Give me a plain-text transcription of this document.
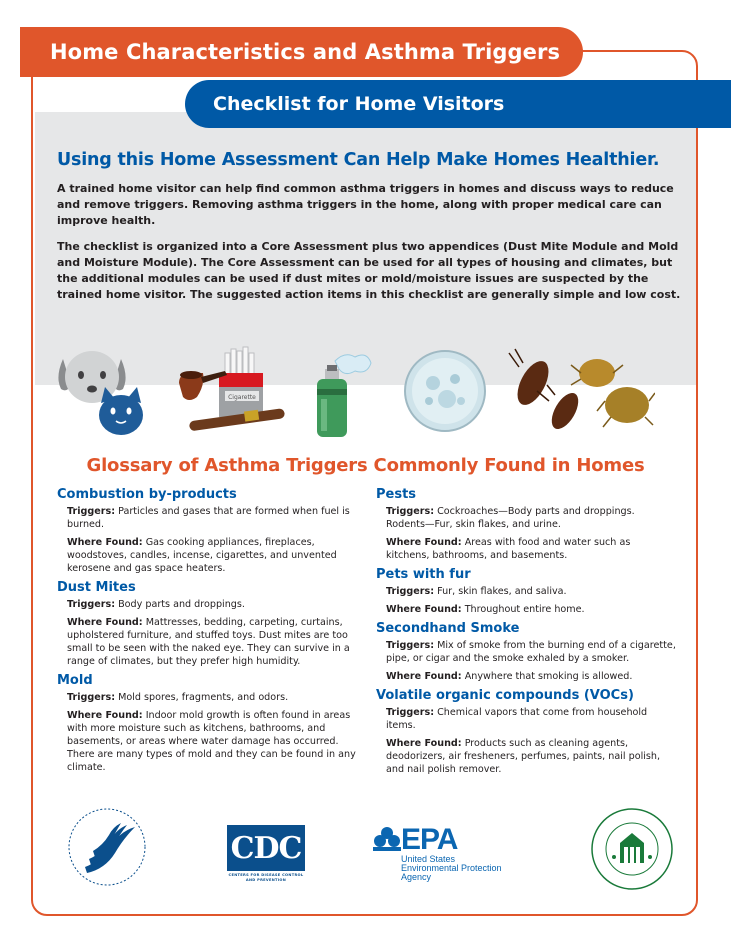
Home Characteristics and Asthma Triggers
Checklist for Home Visitors
Using this Home Assessment Can Help Make Homes Healthier.

A trained home visitor can help find common asthma triggers in homes and discuss ways to reduce and remove triggers. Removing asthma triggers in the home, along with proper medical care can improve health.

The checklist is organized into a Core Assessment plus two appendices (Dust Mite Module and Mold and Moisture Module). The Core Assessment can be used for all types of housing and climates, but the additional modules can be used if dust mites or mold/moisture issues are suspected by the trained home visitor. The suggested action items in this checklist are generally simple and low cost.

Cigarette
Glossary of Asthma Triggers Commonly Found in Homes
Combustion by-products

Triggers: Particles and gases that are formed when fuel is burned.

Where Found: Gas cooking appliances, fireplaces, woodstoves, candles, incense, cigarettes, and unvented kerosene and gas space heaters.

Dust Mites

Triggers: Body parts and droppings.

Where Found: Mattresses, bedding, carpeting, curtains, upholstered furniture, and stuffed toys. Dust mites are too small to be seen with the naked eye. They can survive in a range of climates, but they prefer high humidity.

Mold

Triggers: Mold spores, fragments, and odors.

Where Found: Indoor mold growth is often found in areas with more moisture such as kitchens, bathrooms, and basements, or areas where water damage has occurred. There are many types of mold and they can be found in any climate.

Pests

Triggers: Cockroaches—Body parts and droppings. Rodents—Fur, skin flakes, and urine.

Where Found: Areas with food and water such as kitchens, bathrooms, and basements.

Pets with fur

Triggers: Fur, skin flakes, and saliva.

Where Found: Throughout entire home.

Secondhand Smoke

Triggers: Mix of smoke from the burning end of a cigarette, pipe, or cigar and the smoke exhaled by a smoker.

Where Found: Anywhere that smoking is allowed.

Volatile organic compounds (VOCs)

Triggers: Chemical vapors that come from household items.

Where Found: Products such as cleaning agents, deodorizers, air fresheners, perfumes, paints, nail polish, and nail polish remover.

CDC
CENTERS FOR DISEASE CONTROL AND PREVENTION
EPA
United States
Environmental Protection
Agency
